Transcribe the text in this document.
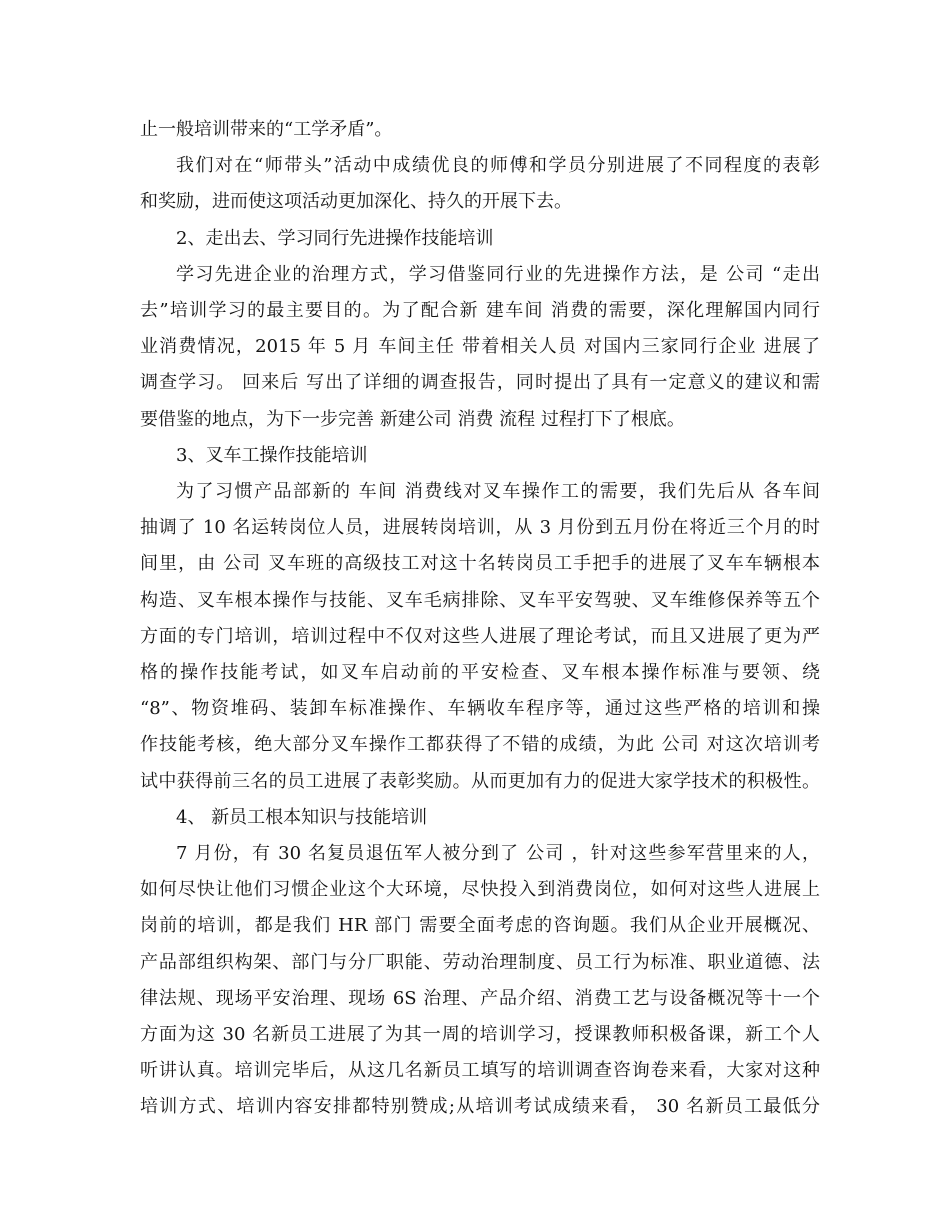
止一般培训带来的“工学矛盾”。
我们对在“师带头”活动中成绩优良的师傅和学员分别进展了不同程度的表彰
和奖励，进而使这项活动更加深化、持久的开展下去。
2、走出去、学习同行先进操作技能培训
学习先进企业的治理方式，学习借鉴同行业的先进操作方法，是 公司 “走出
去”培训学习的最主要目的。为了配合新 建车间 消费的需要，深化理解国内同行
业消费情况，2015 年 5 月 车间主任 带着相关人员 对国内三家同行企业 进展了
调查学习。 回来后 写出了详细的调查报告，同时提出了具有一定意义的建议和需
要借鉴的地点，为下一步完善 新建公司 消费 流程 过程打下了根底。
3、叉车工操作技能培训
为了习惯产品部新的 车间 消费线对叉车操作工的需要，我们先后从 各车间
抽调了 10 名运转岗位人员，进展转岗培训，从 3 月份到五月份在将近三个月的时
间里，由 公司 叉车班的高级技工对这十名转岗员工手把手的进展了叉车车辆根本
构造、叉车根本操作与技能、叉车毛病排除、叉车平安驾驶、叉车维修保养等五个
方面的专门培训，培训过程中不仅对这些人进展了理论考试，而且又进展了更为严
格的操作技能考试，如叉车启动前的平安检查、叉车根本操作标准与要领、绕
“8”、物资堆码、装卸车标准操作、车辆收车程序等，通过这些严格的培训和操
作技能考核，绝大部分叉车操作工都获得了不错的成绩，为此 公司 对这次培训考
试中获得前三名的员工进展了表彰奖励。从而更加有力的促进大家学技术的积极性。
4、 新员工根本知识与技能培训
7 月份，有 30 名复员退伍军人被分到了 公司 ，针对这些参军营里来的人，
如何尽快让他们习惯企业这个大环境，尽快投入到消费岗位，如何对这些人进展上
岗前的培训，都是我们 HR 部门 需要全面考虑的咨询题。我们从企业开展概况、
产品部组织构架、部门与分厂职能、劳动治理制度、员工行为标准、职业道德、法
律法规、现场平安治理、现场 6S 治理、产品介绍、消费工艺与设备概况等十一个
方面为这 30 名新员工进展了为其一周的培训学习，授课教师积极备课，新工个人
听讲认真。培训完毕后，从这几名新员工填写的培训调查咨询卷来看，大家对这种
培训方式、培训内容安排都特别赞成;从培训考试成绩来看， 30 名新员工最低分
